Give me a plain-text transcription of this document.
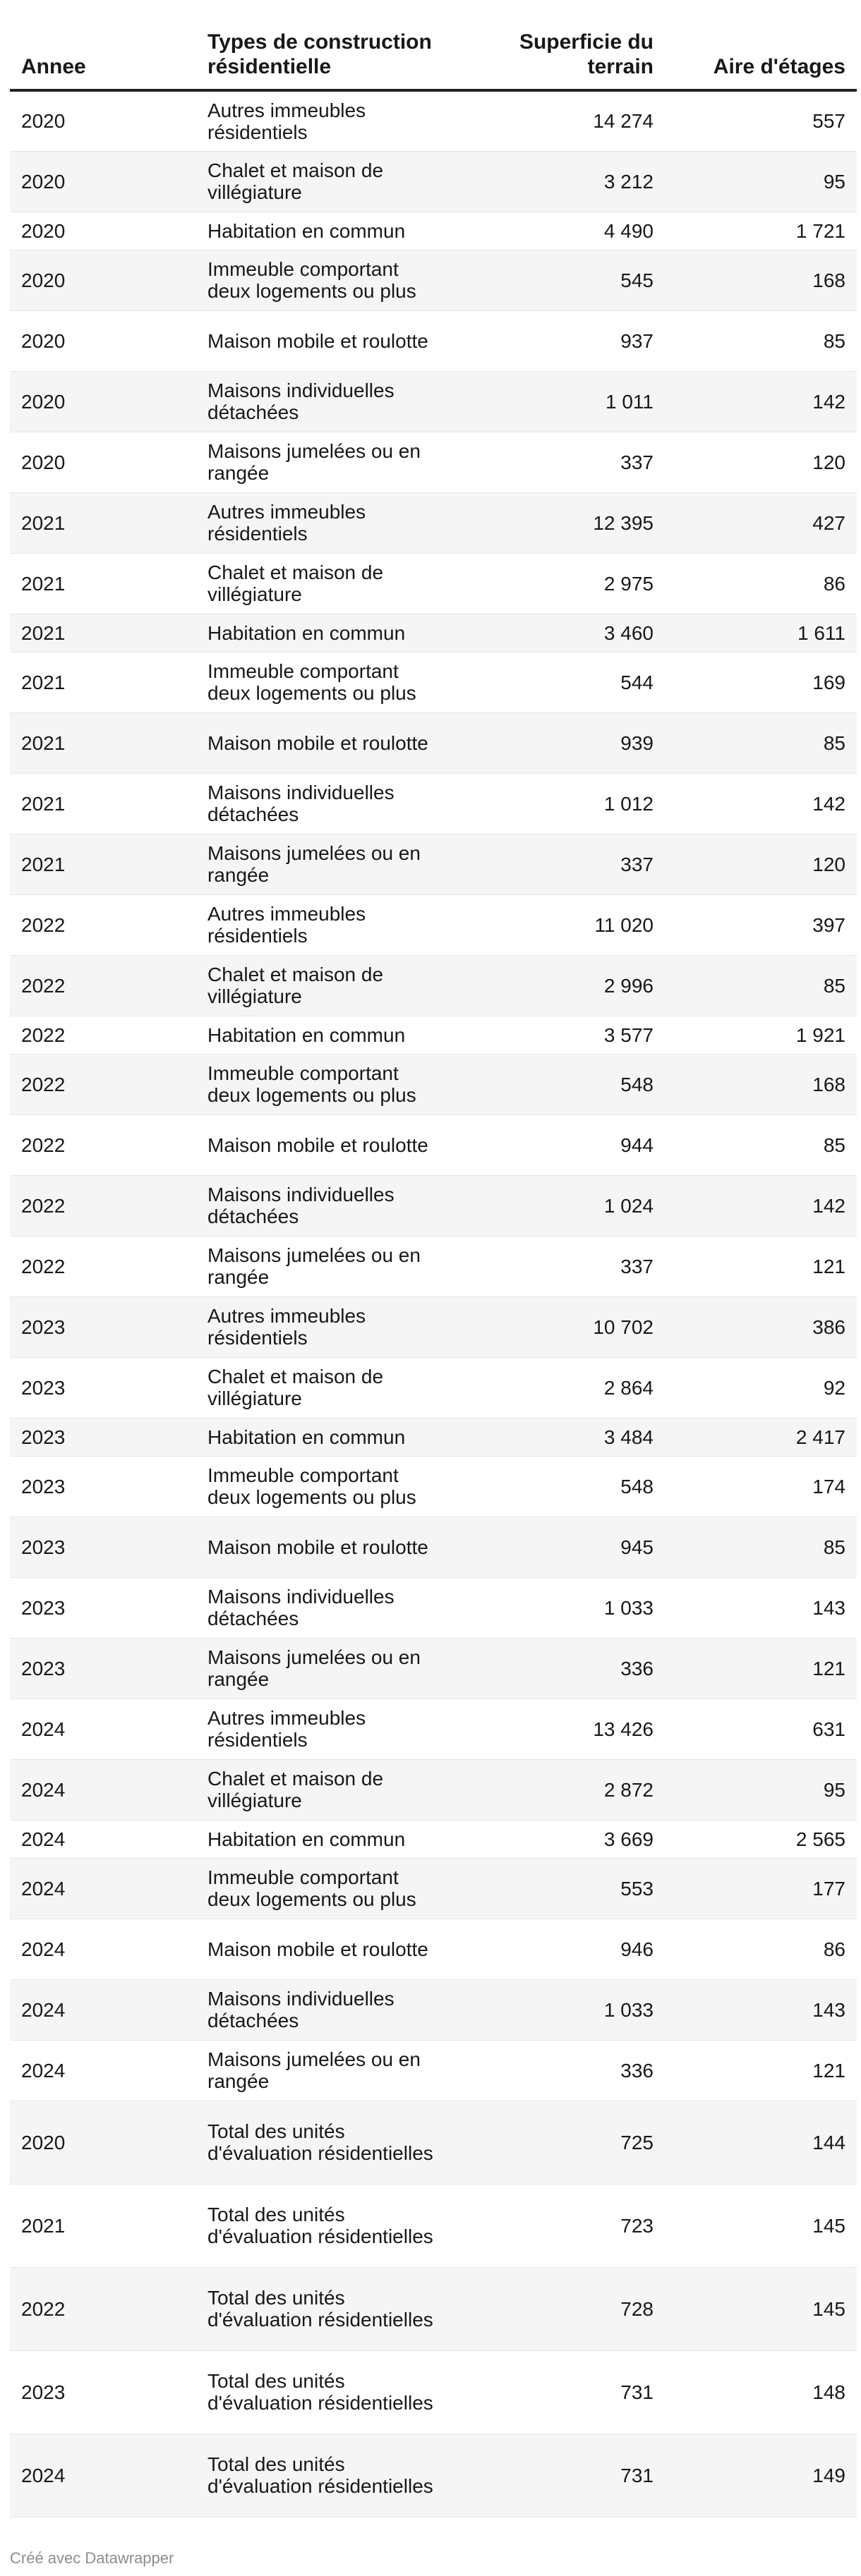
Annee	Types de construction résidentielle	Superficie du terrain	Aire d'étages
2020	Autres immeubles résidentiels	14 274	557
2020	Chalet et maison de villégiature	3 212	95
2020	Habitation en commun	4 490	1 721
2020	Immeuble comportant deux logements ou plus	545	168
2020	Maison mobile et roulotte	937	85
2020	Maisons individuelles détachées	1 011	142
2020	Maisons jumelées ou en rangée	337	120
2021	Autres immeubles résidentiels	12 395	427
2021	Chalet et maison de villégiature	2 975	86
2021	Habitation en commun	3 460	1 611
2021	Immeuble comportant deux logements ou plus	544	169
2021	Maison mobile et roulotte	939	85
2021	Maisons individuelles détachées	1 012	142
2021	Maisons jumelées ou en rangée	337	120
2022	Autres immeubles résidentiels	11 020	397
2022	Chalet et maison de villégiature	2 996	85
2022	Habitation en commun	3 577	1 921
2022	Immeuble comportant deux logements ou plus	548	168
2022	Maison mobile et roulotte	944	85
2022	Maisons individuelles détachées	1 024	142
2022	Maisons jumelées ou en rangée	337	121
2023	Autres immeubles résidentiels	10 702	386
2023	Chalet et maison de villégiature	2 864	92
2023	Habitation en commun	3 484	2 417
2023	Immeuble comportant deux logements ou plus	548	174
2023	Maison mobile et roulotte	945	85
2023	Maisons individuelles détachées	1 033	143
2023	Maisons jumelées ou en rangée	336	121
2024	Autres immeubles résidentiels	13 426	631
2024	Chalet et maison de villégiature	2 872	95
2024	Habitation en commun	3 669	2 565
2024	Immeuble comportant deux logements ou plus	553	177
2024	Maison mobile et roulotte	946	86
2024	Maisons individuelles détachées	1 033	143
2024	Maisons jumelées ou en rangée	336	121
2020	Total des unités d'évaluation résidentielles	725	144
2021	Total des unités d'évaluation résidentielles	723	145
2022	Total des unités d'évaluation résidentielles	728	145
2023	Total des unités d'évaluation résidentielles	731	148
2024	Total des unités d'évaluation résidentielles	731	149
Créé avec Datawrapper
